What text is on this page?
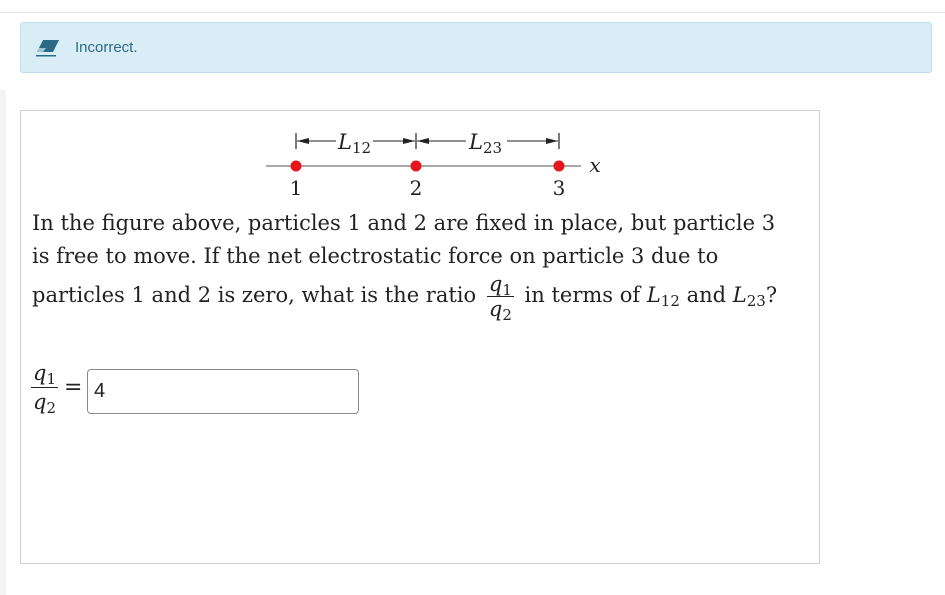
Incorrect.
L12	L23
1	2	3
x
In the figure above, particles 1 and 2 are fixed in place, but particle 3
is free to move. If the net electrostatic force on particle 3 due to
particles 1 and 2 is zero, what is the ratio $\frac{q_1}{q_2}$ in terms of $L_{12}$ and $L_{23}$?
$q_1$
$q_2$
=
4
